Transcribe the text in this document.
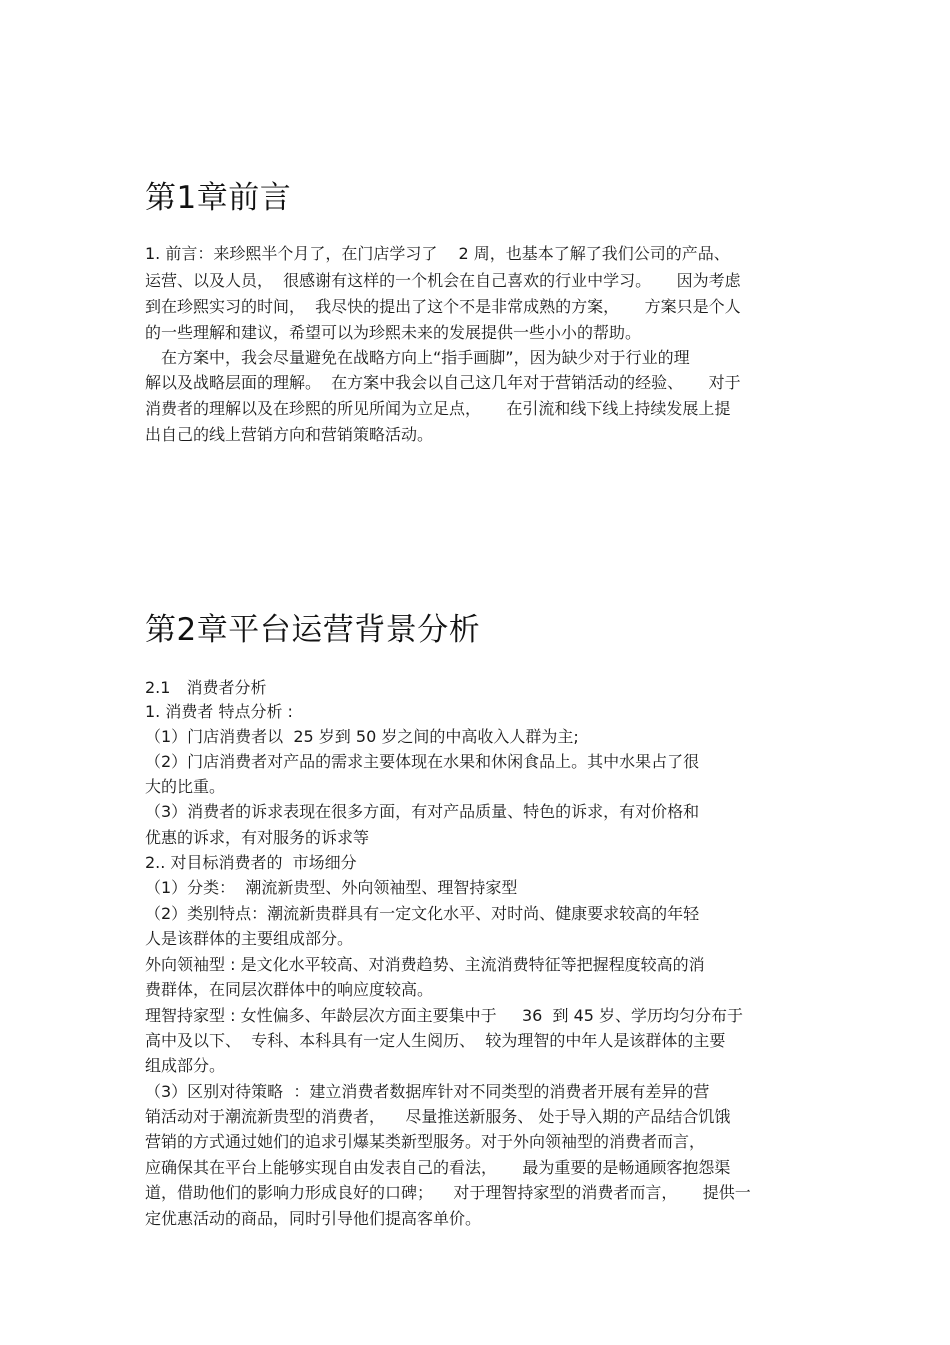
第1章前言
1. 前言：来珍熙半个月了，在门店学习了　 2 周，也基本了解了我们公司的产品、
运营、以及人员，  很感谢有这样的一个机会在自己喜欢的行业中学习。     因为考虑
到在珍熙实习的时间，  我尽快的提出了这个不是非常成熟的方案，     方案只是个人
的一些理解和建议，希望可以为珍熙未来的发展提供一些小小的帮助。
　在方案中，我会尽量避免在战略方向上“指手画脚”，因为缺少对于行业的理
解以及战略层面的理解。  在方案中我会以自己这几年对于营销活动的经验、     对于
消费者的理解以及在珍熙的所见所闻为立足点，     在引流和线下线上持续发展上提
出自己的线上营销方向和营销策略活动。
第2章平台运营背景分析
2.1　消费者分析
1. 消费者 特点分析 :
（1）门店消费者以  25 岁到 50 岁之间的中高收入人群为主;
（2）门店消费者对产品的需求主要体现在水果和休闲食品上。其中水果占了很
大的比重。
（3）消费者的诉求表现在很多方面，有对产品质量、特色的诉求，有对价格和
优惠的诉求，有对服务的诉求等
2.. 对目标消费者的  市场细分
（1）分类：  潮流新贵型、外向领袖型、理智持家型
（2）类别特点：潮流新贵群具有一定文化水平、对时尚、健康要求较高的年轻
人是该群体的主要组成部分。
外向领袖型 : 是文化水平较高、对消费趋势、主流消费特征等把握程度较高的消
费群体，在同层次群体中的响应度较高。
理智持家型 : 女性偏多、年龄层次方面主要集中于     36  到 45 岁、学历均匀分布于
高中及以下、  专科、本科具有一定人生阅历、  较为理智的中年人是该群体的主要
组成部分。
（3）区别对待策略  ：建立消费者数据库针对不同类型的消费者开展有差异的营
销活动对于潮流新贵型的消费者，    尽量推送新服务、 处于导入期的产品结合饥饿
营销的方式通过她们的追求引爆某类新型服务。对于外向领袖型的消费者而言，
应确保其在平台上能够实现自由发表自己的看法，     最为重要的是畅通顾客抱怨渠
道，借助他们的影响力形成良好的口碑；    对于理智持家型的消费者而言，     提供一
定优惠活动的商品，同时引导他们提高客单价。
